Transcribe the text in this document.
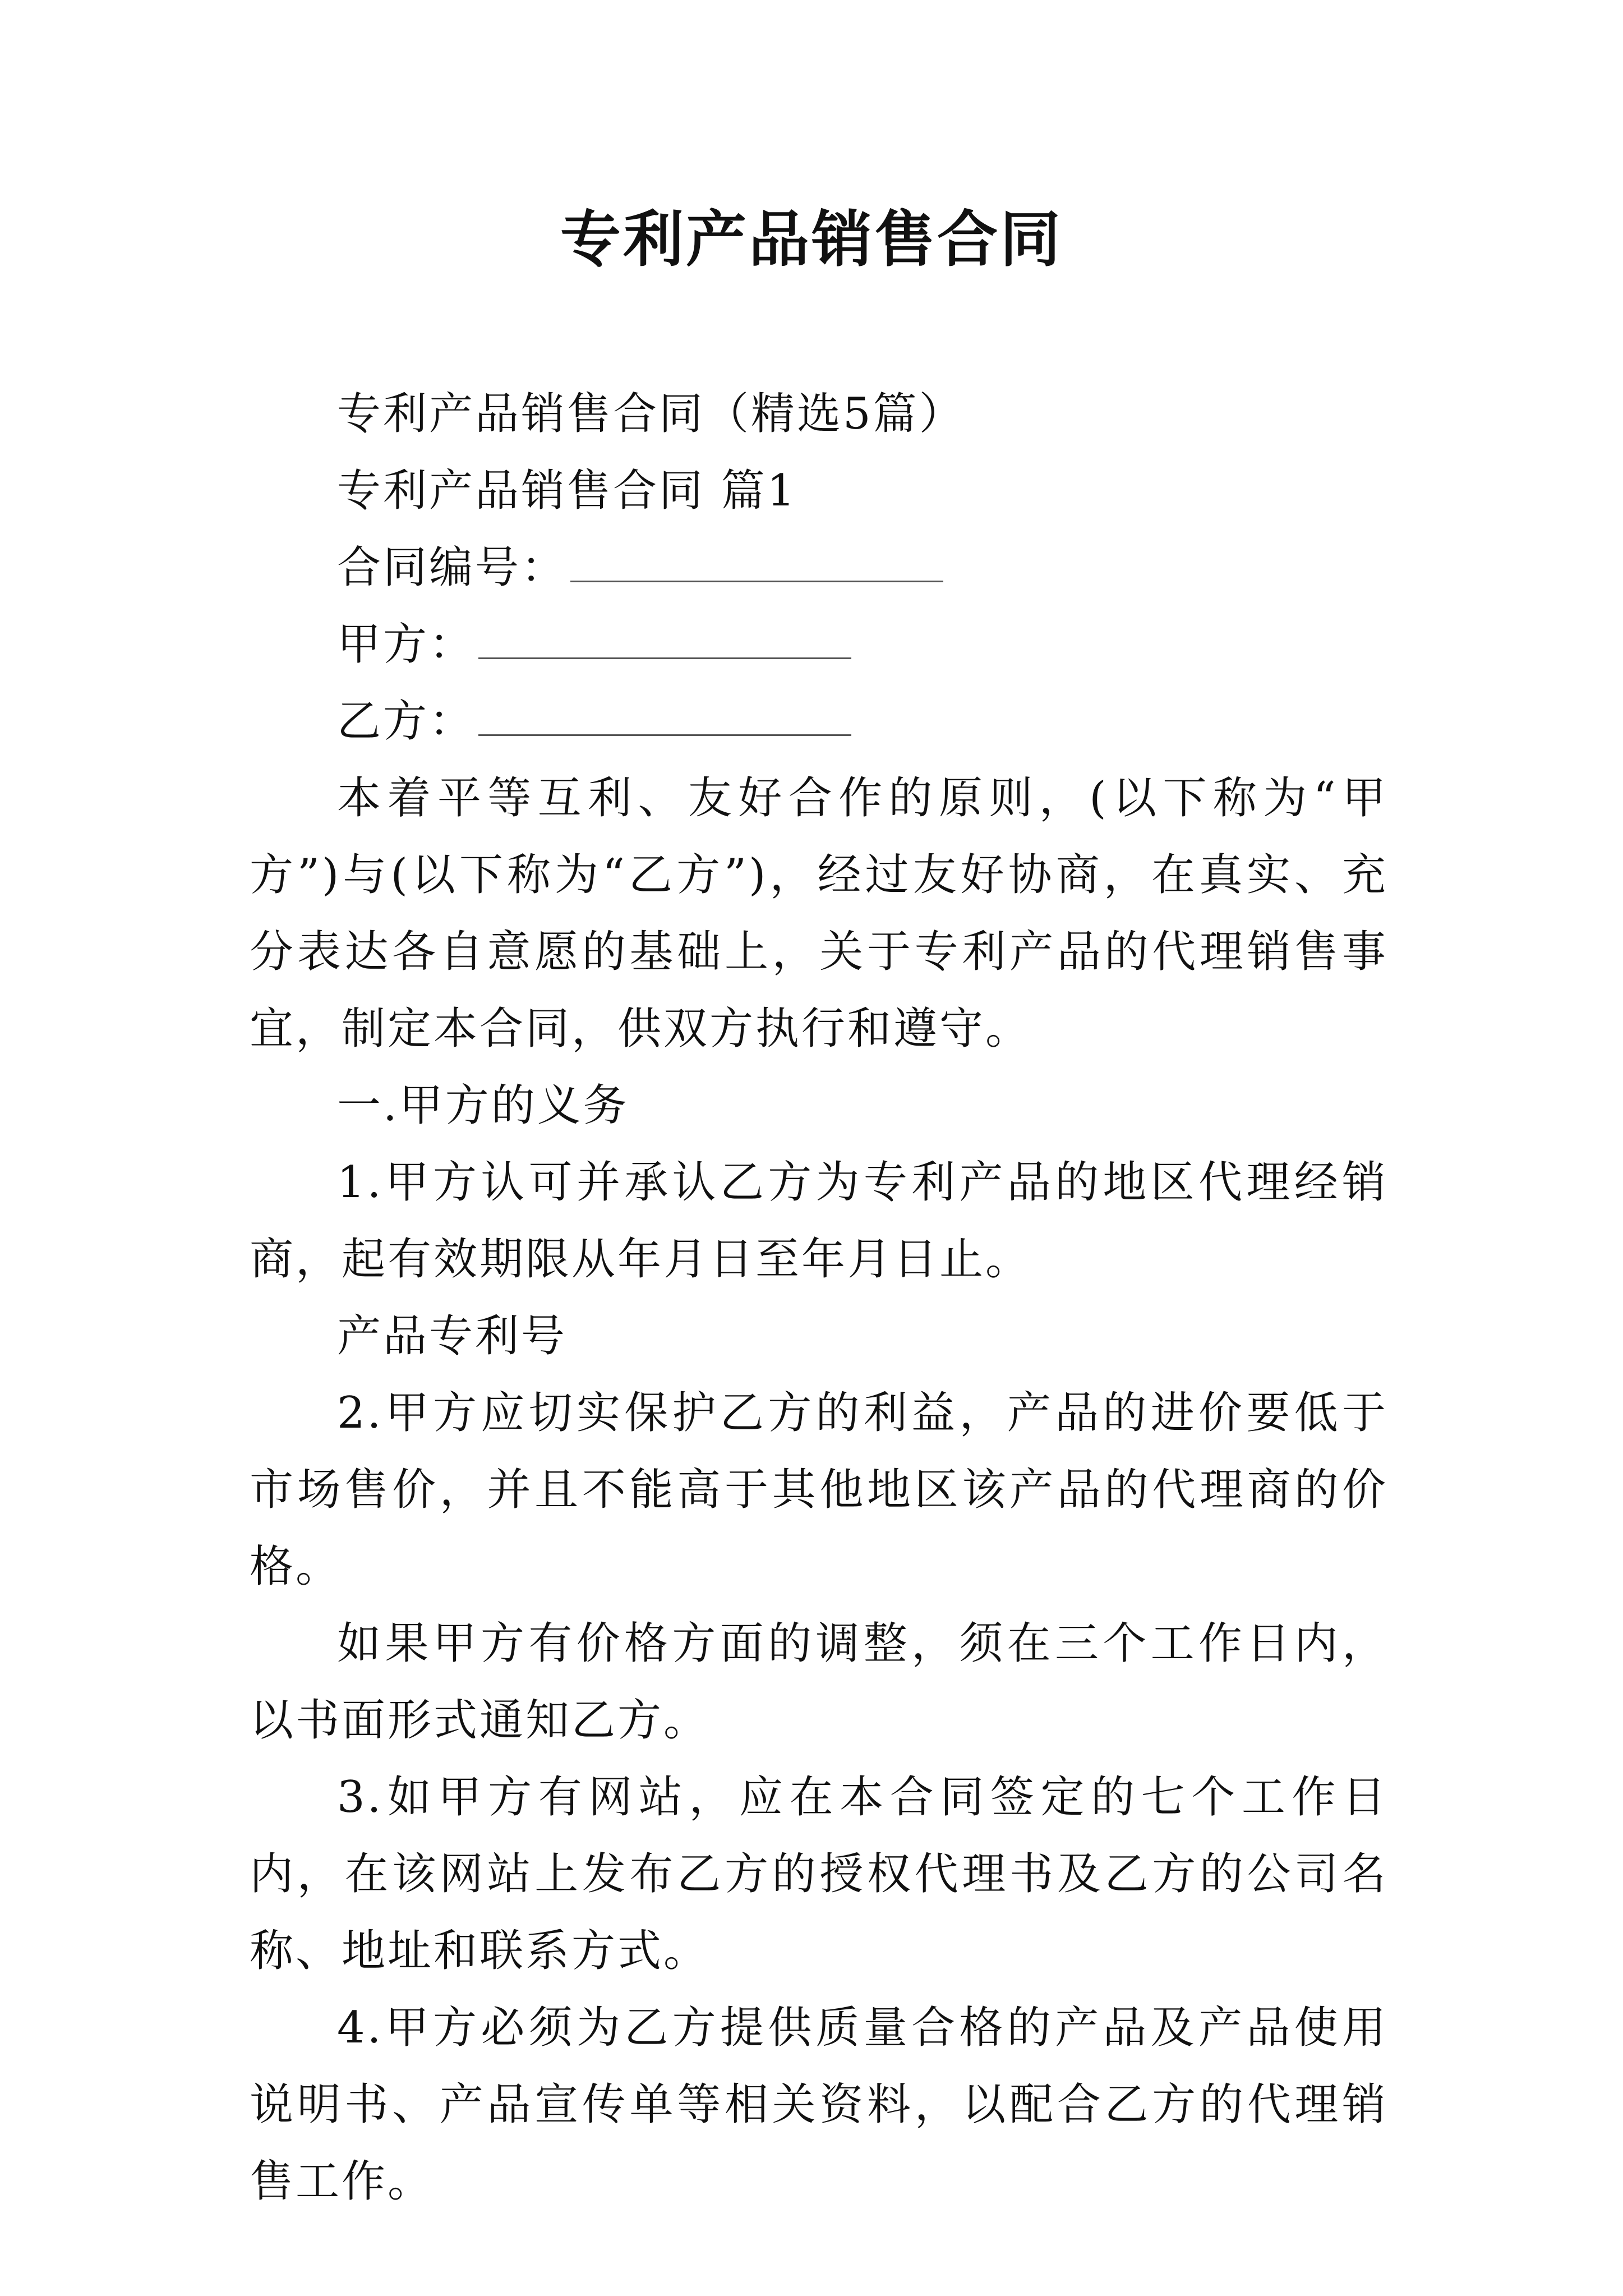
专利产品销售合同

专利产品销售合同（精选5篇）

专利产品销售合同 篇1

合同编号：

甲方：

乙方：

本着平等互利、友好合作的原则，(以下称为“甲方”)与(以下称为“乙方”)，经过友好协商，在真实、充分表达各自意愿的基础上，关于专利产品的代理销售事宜，制定本合同，供双方执行和遵守。

一.甲方的义务

1.甲方认可并承认乙方为专利产品的地区代理经销商，起有效期限从年月日至年月日止。

产品专利号

2.甲方应切实保护乙方的利益，产品的进价要低于市场售价，并且不能高于其他地区该产品的代理商的价格。

如果甲方有价格方面的调整，须在三个工作日内，以书面形式通知乙方。

3.如甲方有网站，应在本合同签定的七个工作日内，在该网站上发布乙方的授权代理书及乙方的公司名称、地址和联系方式。

4.甲方必须为乙方提供质量合格的产品及产品使用说明书、产品宣传单等相关资料，以配合乙方的代理销售工作。
